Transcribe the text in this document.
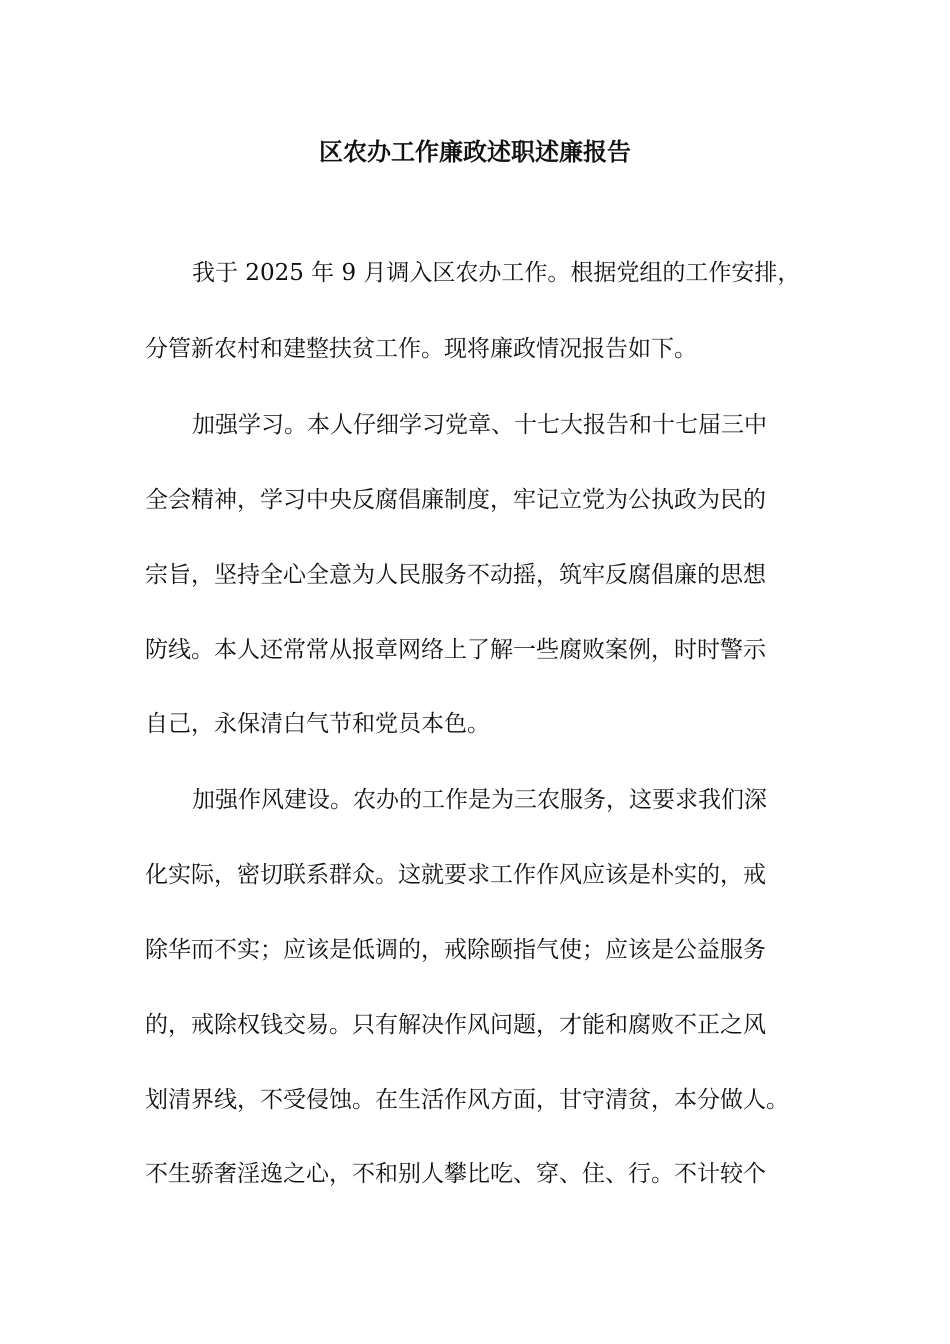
区农办工作廉政述职述廉报告
我于 2025 年 9 月调入区农办工作。根据党组的工作安排，
分管新农村和建整扶贫工作。现将廉政情况报告如下。
加强学习。本人仔细学习党章、十七大报告和十七届三中
全会精神，学习中央反腐倡廉制度，牢记立党为公执政为民的
宗旨，坚持全心全意为人民服务不动摇，筑牢反腐倡廉的思想
防线。本人还常常从报章网络上了解一些腐败案例，时时警示
自己，永保清白气节和党员本色。
加强作风建设。农办的工作是为三农服务，这要求我们深
化实际，密切联系群众。这就要求工作作风应该是朴实的，戒
除华而不实；应该是低调的，戒除颐指气使；应该是公益服务
的，戒除权钱交易。只有解决作风问题，才能和腐败不正之风
划清界线，不受侵蚀。在生活作风方面，甘守清贫，本分做人。
不生骄奢淫逸之心，不和别人攀比吃、穿、住、行。不计较个
